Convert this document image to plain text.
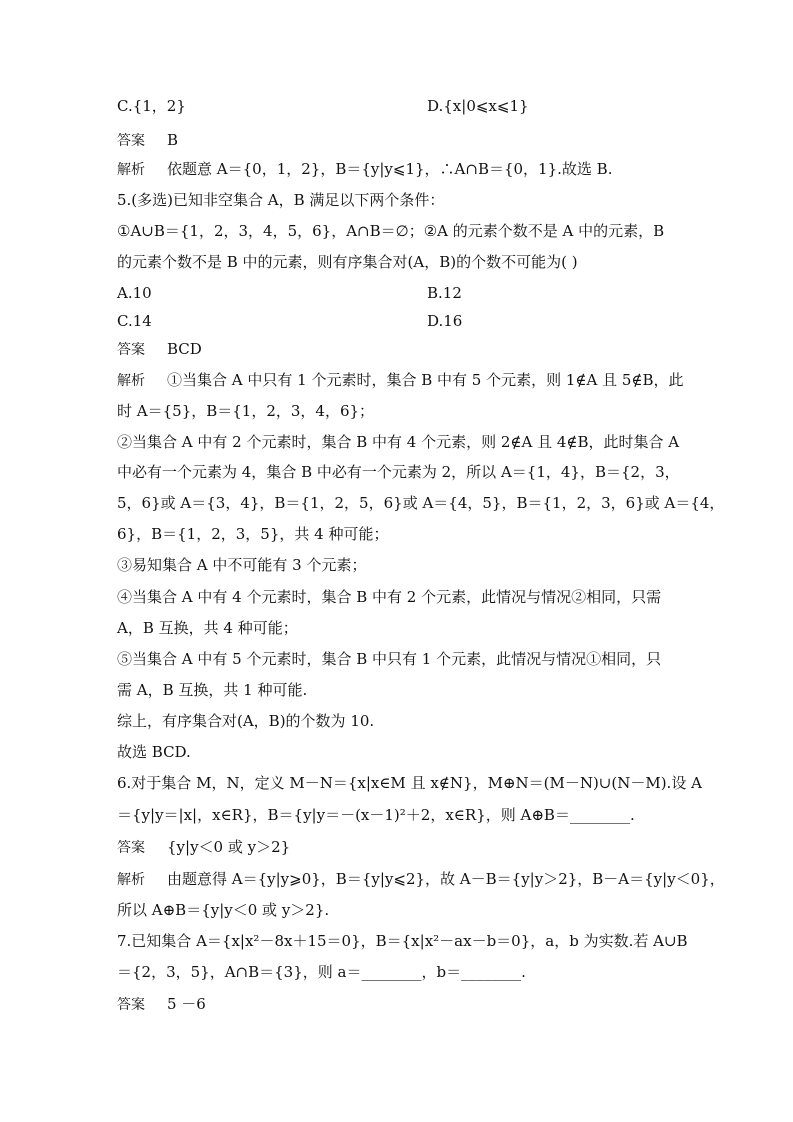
C.{1，2}	D.{x|0⩽x⩽1}
答案 B
解析 依题意 A＝{0，1，2}，B＝{y|y⩽1}，∴A∩B＝{0，1}.故选 B.
5.(多选)已知非空集合 A，B 满足以下两个条件：
①A∪B＝{1，2，3，4，5，6}，A∩B＝∅；②A 的元素个数不是 A 中的元素，B
的元素个数不是 B 中的元素，则有序集合对(A，B)的个数不可能为( )
A.10	B.12
C.14	D.16
答案 BCD
解析 ①当集合 A 中只有 1 个元素时，集合 B 中有 5 个元素，则 1∉A 且 5∉B，此
时 A＝{5}，B＝{1，2，3，4，6}；
②当集合 A 中有 2 个元素时，集合 B 中有 4 个元素，则 2∉A 且 4∉B，此时集合 A
中必有一个元素为 4，集合 B 中必有一个元素为 2，所以 A＝{1，4}，B＝{2，3，
5，6}或 A＝{3，4}，B＝{1，2，5，6}或 A＝{4，5}，B＝{1，2，3，6}或 A＝{4，
6}，B＝{1，2，3，5}，共 4 种可能；
③易知集合 A 中不可能有 3 个元素；
④当集合 A 中有 4 个元素时，集合 B 中有 2 个元素，此情况与情况②相同，只需
A，B 互换，共 4 种可能；
⑤当集合 A 中有 5 个元素时，集合 B 中只有 1 个元素，此情况与情况①相同，只
需 A，B 互换，共 1 种可能.
综上，有序集合对(A，B)的个数为 10.
故选 BCD.
6.对于集合 M，N，定义 M－N＝{x|x∈M 且 x∉N}，M⊕N＝(M－N)∪(N－M).设 A
＝{y|y＝|x|，x∈R}，B＝{y|y＝－(x－1)²＋2，x∈R}，则 A⊕B＝________.
答案 {y|y＜0 或 y＞2}
解析 由题意得 A＝{y|y⩾0}，B＝{y|y⩽2}，故 A－B＝{y|y＞2}，B－A＝{y|y＜0}，
所以 A⊕B＝{y|y＜0 或 y＞2}.
7.已知集合 A＝{x|x²－8x＋15＝0}，B＝{x|x²－ax－b＝0}，a，b 为实数.若 A∪B
＝{2，3，5}，A∩B＝{3}，则 a＝________，b＝________.
答案 5 －6
